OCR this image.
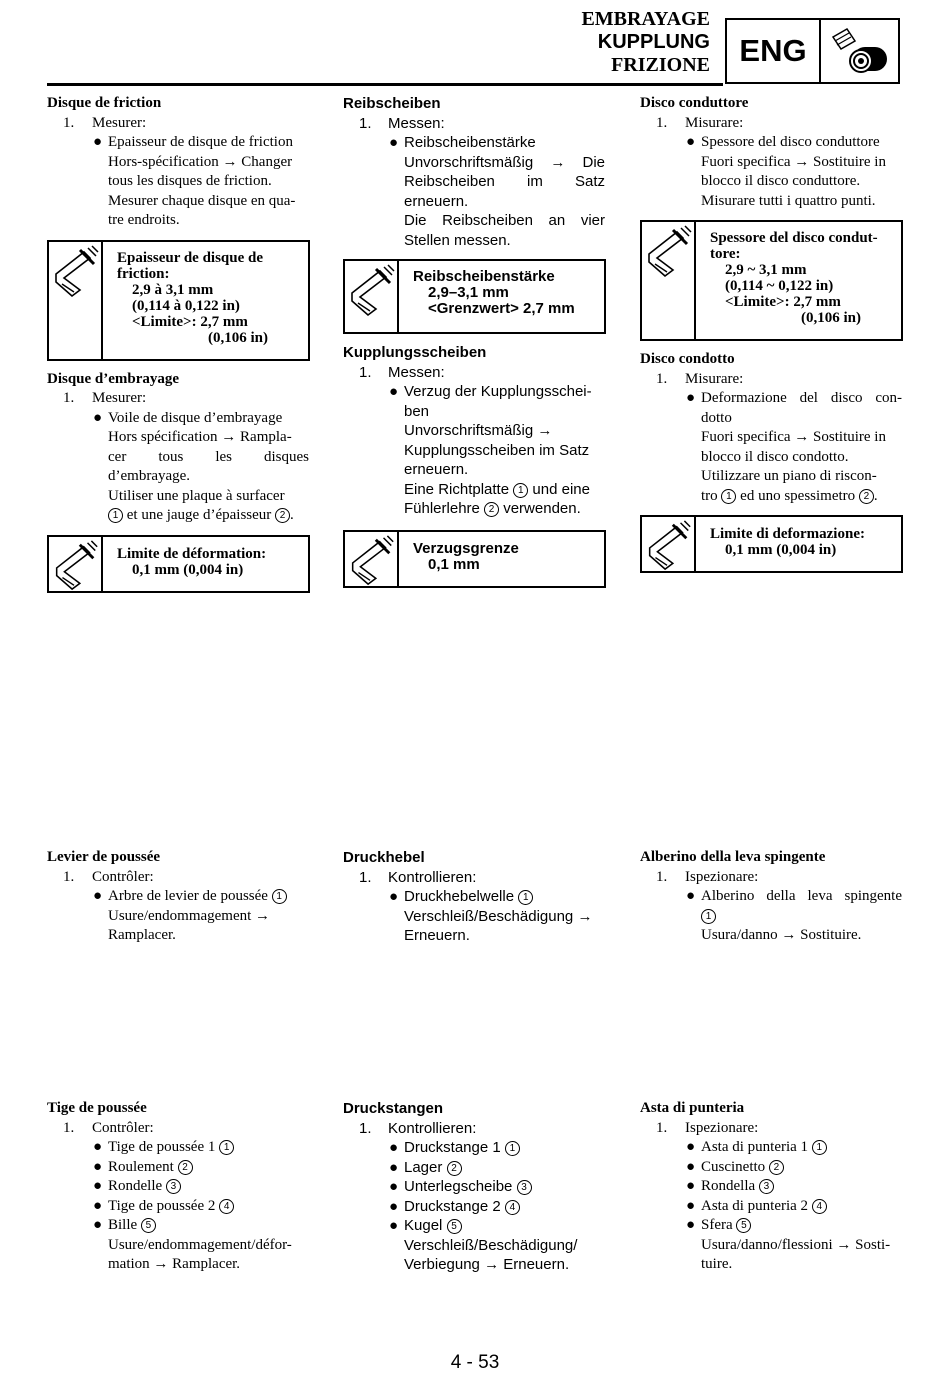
EMBRAYAGE
KUPPLUNG
FRIZIONE ENG

Disque de friction

1.	Mesurer:
● Epaisseur de disque de friction
Hors-spécification → Changer
tous les disques de friction.
Mesurer chaque disque en qua-
tre endroits.
Epaisseur de disque de
friction:
2,9 à 3,1 mm
(0,114 à 0,122 in)
<Limite>: 2,7 mm
(0,106 in)

Disque d’embrayage

1.	Mesurer:
● Voile de disque d’embrayage
Hors spécification → Rampla-
cer tous les disques
d’embrayage.
Utiliser une plaque à surfacer
1 et une jauge d’épaisseur 2 .
Limite de déformation:
0,1 mm (0,004 in)

Reibscheiben

1.	Messen:
● Reibscheibenstärke
Unvorschriftsmäßig → Die
Reibscheiben im Satz
erneuern.
Die Reibscheiben an vier
Stellen messen.
Reibscheibenstärke
2,9–3,1 mm
<Grenzwert> 2,7 mm

Kupplungsscheiben

1.	Messen:
● Verzug der Kupplungsschei-
ben
Unvorschriftsmäßig →
Kupplungsscheiben im Satz
erneuern.
Eine Richtplatte 1 und eine
Fühlerlehre 2 verwenden.
Verzugsgrenze
0,1 mm

Disco conduttore

1.	Misurare:
● Spessore del disco conduttore
Fuori specifica → Sostituire in
blocco il disco conduttore.
Misurare tutti i quattro punti.
Spessore del disco condut-
tore:
2,9 ~ 3,1 mm
(0,114 ~ 0,122 in)
<Limite>: 2,7 mm
(0,106 in)

Disco condotto

1.	Misurare:
● Deformazione del disco con-
dotto
Fuori specifica → Sostituire in
blocco il disco condotto.
Utilizzare un piano di riscon-
tro 1 ed uno spessimetro 2 .
Limite di deformazione:
0,1 mm (0,004 in)

Levier de poussée

1.	Contrôler:
● Arbre de levier de poussée 1
Usure/endommagement →
Ramplacer.

Druckhebel

1.	Kontrollieren:
● Druckhebelwelle 1
Verschleiß/Beschädigung →
Erneuern.

Alberino della leva spingente

1.	Ispezionare:
● Alberino della leva spingente
1
Usura/danno → Sostituire.

Tige de poussée

1.	Contrôler:
● Tige de poussée 1 1
● Roulement 2
● Rondelle 3
● Tige de poussée 2 4
● Bille 5
Usure/endommagement/défor-
mation → Ramplacer.

Druckstangen

1.	Kontrollieren:
● Druckstange 1 1
● Lager 2
● Unterlegscheibe 3
● Druckstange 2 4
● Kugel 5
Verschleiß/Beschädigung/
Verbiegung → Erneuern.

Asta di punteria

1.	Ispezionare:
● Asta di punteria 1 1
● Cuscinetto 2
● Rondella 3
● Asta di punteria 2 4
● Sfera 5
Usura/danno/flessioni → Sosti-
tuire.
4 - 53
